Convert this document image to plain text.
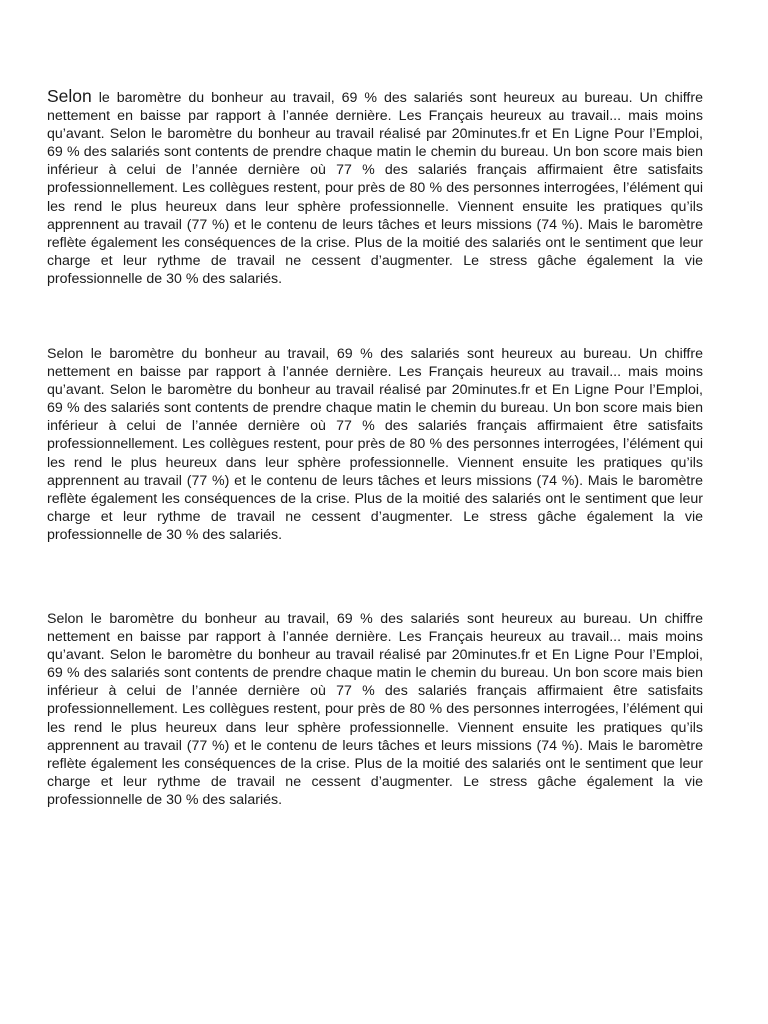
Selon le baromètre du bonheur au travail, 69 % des salariés sont heureux au bureau. Un chiffre nettement en baisse par rapport à l’année dernière. Les Français heureux au travail... mais moins qu’avant. Selon le baromètre du bonheur au travail réalisé par 20minutes.fr et En Ligne Pour l’Emploi, 69 % des salariés sont contents de prendre chaque matin le chemin du bureau. Un bon score mais bien inférieur à celui de l’année dernière où 77 % des salariés français affirmaient être satisfaits professionnellement. Les collègues restent, pour près de 80 % des personnes interrogées, l’élément qui les rend le plus heureux dans leur sphère professionnelle. Viennent ensuite les pratiques qu’ils apprennent au travail (77 %) et le contenu de leurs tâches et leurs missions (74 %). Mais le baromètre reflète également les conséquences de la crise. Plus de la moitié des salariés ont le sentiment que leur charge et leur rythme de travail ne cessent d’augmenter. Le stress gâche également la vie professionnelle de 30 % des salariés.

Selon le baromètre du bonheur au travail, 69 % des salariés sont heureux au bureau. Un chiffre nettement en baisse par rapport à l’année dernière. Les Français heureux au travail... mais moins qu’avant. Selon le baromètre du bonheur au travail réalisé par 20minutes.fr et En Ligne Pour l’Emploi, 69 % des salariés sont contents de prendre chaque matin le chemin du bureau. Un bon score mais bien inférieur à celui de l’année dernière où 77 % des salariés français affirmaient être satisfaits professionnellement. Les collègues restent, pour près de 80 % des personnes interrogées, l’élément qui les rend le plus heureux dans leur sphère professionnelle. Viennent ensuite les pratiques qu’ils apprennent au travail (77 %) et le contenu de leurs tâches et leurs missions (74 %). Mais le baromètre reflète également les conséquences de la crise. Plus de la moitié des salariés ont le sentiment que leur charge et leur rythme de travail ne cessent d’augmenter. Le stress gâche également la vie professionnelle de 30 % des salariés.

Selon le baromètre du bonheur au travail, 69 % des salariés sont heureux au bureau. Un chiffre nettement en baisse par rapport à l’année dernière. Les Français heureux au travail... mais moins qu’avant. Selon le baromètre du bonheur au travail réalisé par 20minutes.fr et En Ligne Pour l’Emploi, 69 % des salariés sont contents de prendre chaque matin le chemin du bureau. Un bon score mais bien inférieur à celui de l’année dernière où 77 % des salariés français affirmaient être satisfaits professionnellement. Les collègues restent, pour près de 80 % des personnes interrogées, l’élément qui les rend le plus heureux dans leur sphère professionnelle. Viennent ensuite les pratiques qu’ils apprennent au travail (77 %) et le contenu de leurs tâches et leurs missions (74 %). Mais le baromètre reflète également les conséquences de la crise. Plus de la moitié des salariés ont le sentiment que leur charge et leur rythme de travail ne cessent d’augmenter. Le stress gâche également la vie professionnelle de 30 % des salariés.
